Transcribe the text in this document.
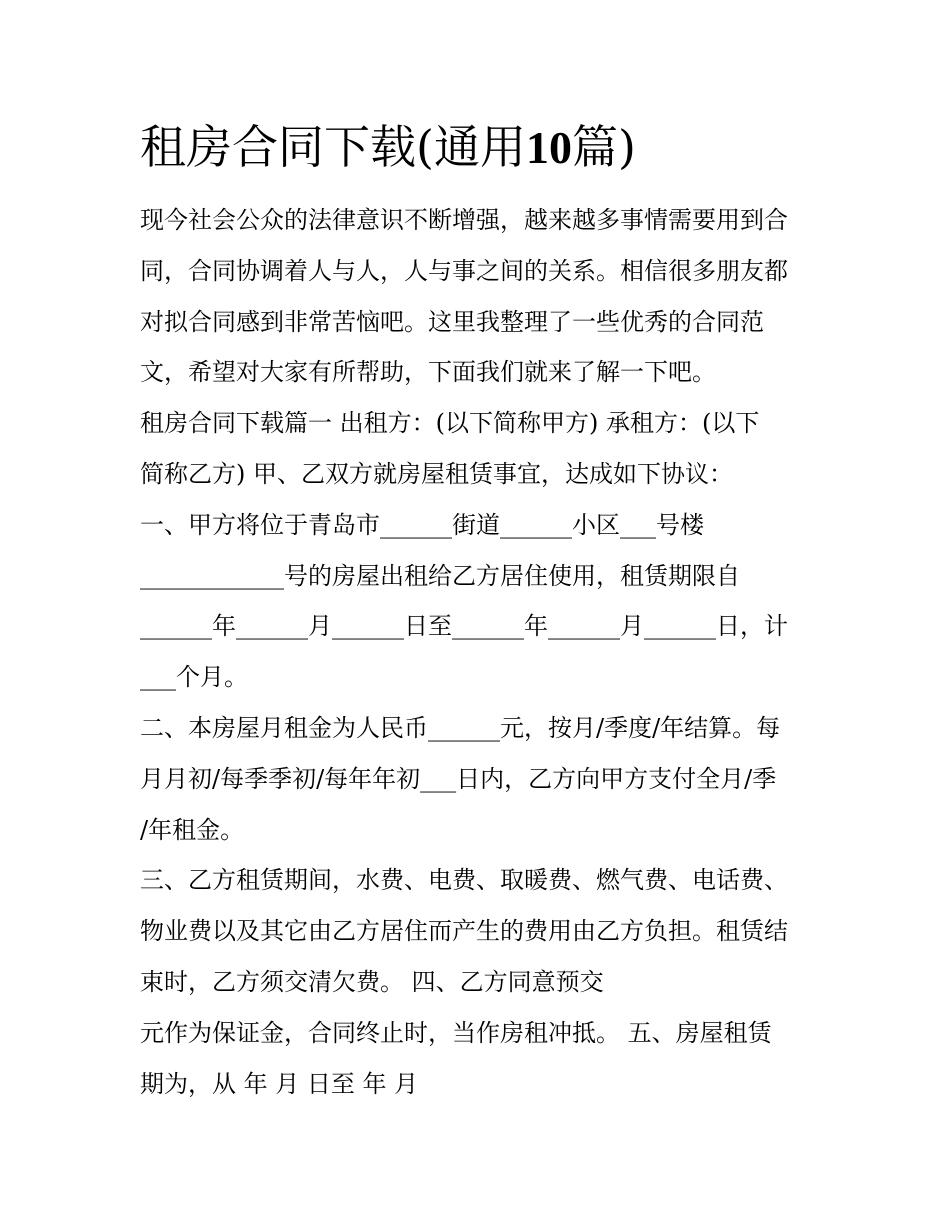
租房合同下载(通用10篇)
现今社会公众的法律意识不断增强，越来越多事情需要用到合
同，合同协调着人与人，人与事之间的关系。相信很多朋友都
对拟合同感到非常苦恼吧。这里我整理了一些优秀的合同范
文，希望对大家有所帮助，下面我们就来了解一下吧。
租房合同下载篇一 出租方：(以下简称甲方) 承租方：(以下
简称乙方) 甲、乙双方就房屋租赁事宜，达成如下协议：
一、甲方将位于青岛市______街道______小区___号楼
____________号的房屋出租给乙方居住使用，租赁期限自
______年______月______日至______年______月______日，计
___个月。
二、本房屋月租金为人民币______元，按月/季度/年结算。每
月月初/每季季初/每年年初___日内，乙方向甲方支付全月/季
/年租金。
三、乙方租赁期间，水费、电费、取暖费、燃气费、电话费、
物业费以及其它由乙方居住而产生的费用由乙方负担。租赁结
束时，乙方须交清欠费。 四、乙方同意预交
元作为保证金，合同终止时，当作房租冲抵。 五、房屋租赁
期为，从 年 月 日至 年 月
